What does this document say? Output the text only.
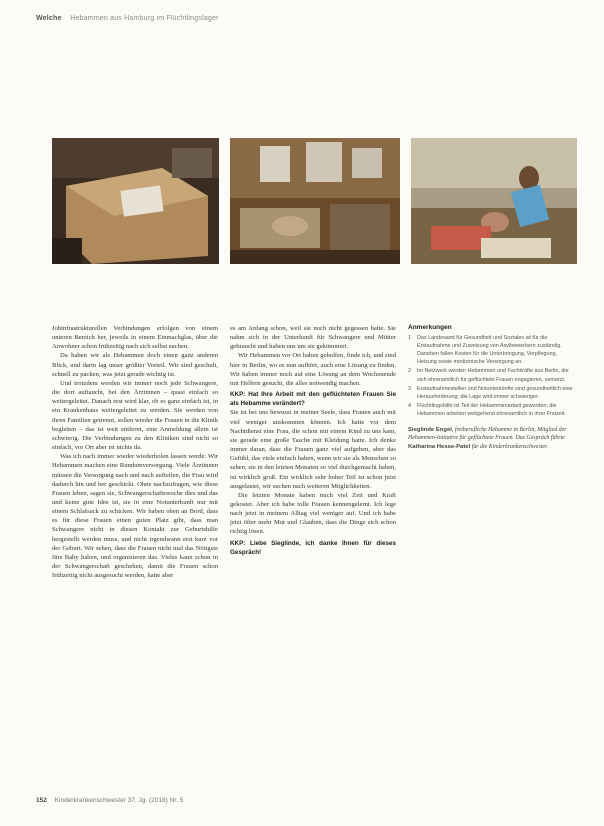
Welche Hebammen aus Hamburg im Flüchtlingslager

Jobinfrastrukturellen Verbindungen erfolgen von einem unteren Bereich her, jeweils in einem Einmachglas, über die Anwohner schon frühzeitig nach sich selbst suchen.

Da haben wir als Hebammen doch einen ganz anderen Blick, und darin lag unser größter Vorteil. Wir sind geschult, schnell zu packen, was jetzt gerade wichtig ist.

Und trotzdem werden wir immer noch jede Schwangere, die dort auftaucht, bei den Ärztinnen – quasi einfach so weitergeleitet. Danach erst wird klar, ob es ganz einfach ist, in ein Krankenhaus weitergeleitet zu werden. Sie werden von ihren Familien getrennt, sollen wieder die Frauen in die Klinik begleiten – das ist weit entfernt, eine Anmeldung allein ist schwierig. Die Verbindungen zu den Kliniken sind nicht so einfach, vor Ort aber ist nichts da.

Was ich nach immer wieder wiederholen lassen werde: Wir Hebammen machen eine Rundumversorgung. Viele Ärztinnen müssen die Versorgung nach und nach aufteilen, die Frau wird dadurch hin und her geschickt. Ohne nachzufragen, wie diese Frauen leben, sagen sie, Schwangerschaftswoche dies und das und keine gute Idee ist, sie in eine Notunterkunft nur mit einem Schlafsack zu schicken. Wir haben oben an Bord, dass es für diese Frauen einen guten Platz gibt, dass man Schwangere nicht in diesen Kontakt zur Geburtshilfe hergestellt werden muss, und nicht irgendwann erst kurz vor der Geburt. Wir sehen, dass die Frauen nicht mal das Nötigste fürs Baby haben, und organisieren das. Vieles kann schon in der Schwangerschaft geschehen, damit die Frauen schon frühzeitig nicht ausgesucht werden, hatte aber

es am Anfang schon, weil sie noch nicht gegessen hatte. Sie nahm sich in der Unterkunft für Schwangere und Mütter gebraucht und haben uns um sie gekümmert.

Wir Hebammen vor Ort haben geholfen, finde ich, und sind hier in Berlin, wo es nun aufhört, auch eine Lösung zu finden. Wir haben immer noch auf eine Lösung an dem Wochenende mit Helfern gesucht, die alles notwendig machen.

KKP: Hat Ihre Arbeit mit den geflüchteten Frauen Sie als Hebamme verändert?

Sie ist bei uns bewusst in meiner Seele, dass Frauen auch mit viel weniger auskommen können. Ich hatte vor dem Nachtdienst eine Frau, die schon mit einem Kind zu uns kam, sie gerade eine große Tasche mit Kleidung hatte. Ich denke immer daran, dass die Frauen ganz viel aufgeben, aber das Gefühl, das viele einfach haben, wenn wir sie als Menschen so sehen, sie in den letzten Monaten so viel durchgemacht haben, ist wirklich groß. Ein wirklich sehr hoher Teil ist schon jetzt ausgelastet, wir suchen nach weiteren Möglichkeiten.

Die letzten Monate haben mich viel Zeit und Kraft gekostet. Aber ich habe tolle Frauen kennengelernt. Ich lege nach jetzt in meinem Alltag viel weniger auf. Und ich habe jetzt öfter mehr Mut und Glauben, dass die Dinge sich schon richtig lösen.

KKP: Liebe Sieglinde, ich danke Ihnen für dieses Gespräch!

Anmerkungen
1	Das Landesamt für Gesundheit und Soziales ist für die Erstaufnahme und Zuweisung von Asylbewerbern zuständig. Daneben fallen Kosten für die Unterbringung, Verpflegung, Heizung sowie medizinische Versorgung an.
2	Im Netzwerk werden Hebammen und Fachkräfte aus Berlin, die sich ehrenamtlich für geflüchtete Frauen engagieren, vernetzt.
3	Erstaufnahmestellen und Notunterkünfte sind gesundheitlich eine Herausforderung; die Lage wird immer schwieriger.
4	Flüchtlingshilfe ist Teil der Hebammenarbeit geworden; die Hebammen arbeiten weitgehend ehrenamtlich in ihrer Freizeit.
Sieglinde Engel, freiberufliche Hebamme in Berlin, Mitglied der Hebammen-Initiative für geflüchtete Frauen. Das Gespräch führte Katharina Hesse-Patel für die Kinderkrankenschwester.
152 Kinderkrankenschwester 37. Jg. (2018) Nr. 5
